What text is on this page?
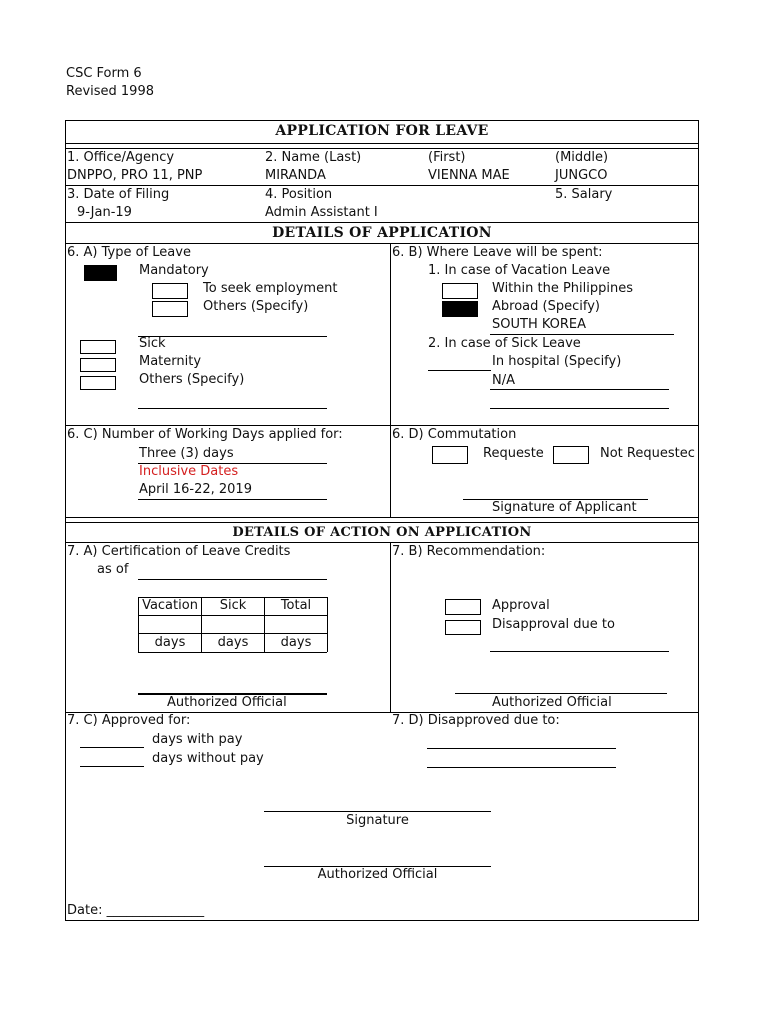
CSC Form 6
Revised 1998
APPLICATION FOR LEAVE
1. Office/Agency
DNPPO, PRO 11, PNP
2. Name (Last)
MIRANDA
(First)
VIENNA MAE
(Middle)
JUNGCO
3. Date of Filing
9-Jan-19
4. Position
Admin Assistant I
5. Salary
DETAILS OF APPLICATION
6. A) Type of Leave
Mandatory
To seek employment
Others (Specify)
Sick
Maternity
Others (Specify)
6. B) Where Leave will be spent:
1. In case of Vacation Leave
Within the Philippines
Abroad (Specify)
SOUTH KOREA
2. In case of Sick Leave
In hospital (Specify)
N/A
6. C) Number of Working Days applied for:
Three (3) days
Inclusive Dates
April 16-22, 2019
6. D) Commutation
Requeste	Not Requestec
Signature of Applicant
DETAILS OF ACTION ON APPLICATION
7. A) Certification of Leave Credits
as of
Vacation	Sick	Total
days	days	days
Authorized Official
7. B) Recommendation:
Approval
Disapproval due to
Authorized Official
7. C) Approved for:
days with pay
days without pay
7. D) Disapproved due to:
Signature
Authorized Official
Date: _______________
